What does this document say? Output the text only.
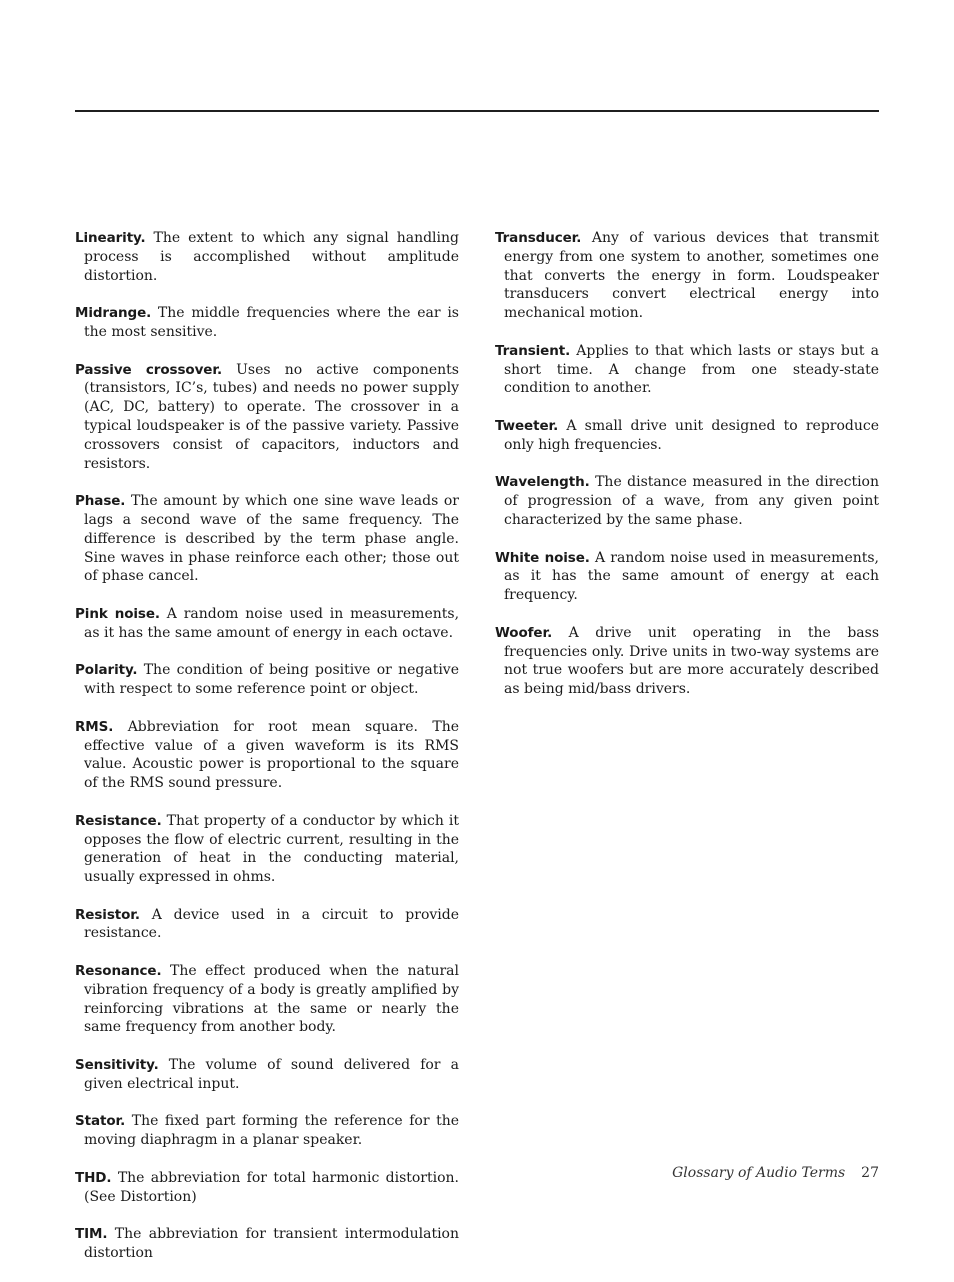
Linearity. The extent to which any signal handling process is accomplished without amplitude distortion.

Midrange. The middle frequencies where the ear is the most sensitive.

Passive crossover. Uses no active components (transistors, IC’s, tubes) and needs no power supply (AC, DC, battery) to operate. The crossover in a typical loudspeaker is of the passive variety. Passive crossovers consist of capacitors, inductors and resistors.

Phase. The amount by which one sine wave leads or lags a second wave of the same frequency. The difference is described by the term phase angle. Sine waves in phase reinforce each other; those out of phase cancel.

Pink noise. A random noise used in measurements, as it has the same amount of energy in each octave.

Polarity. The condition of being positive or negative with respect to some reference point or object.

RMS. Abbreviation for root mean square. The effective value of a given waveform is its RMS value. Acoustic power is proportional to the square of the RMS sound pressure.

Resistance. That property of a conductor by which it opposes the flow of electric current, resulting in the generation of heat in the conducting material, usually expressed in ohms.

Resistor. A device used in a circuit to provide resistance.

Resonance. The effect produced when the natural vibration frequency of a body is greatly amplified by reinforcing vibrations at the same or nearly the same frequency from another body.

Sensitivity. The volume of sound delivered for a given electrical input.

Stator. The fixed part forming the reference for the moving diaphragm in a planar speaker.

THD. The abbreviation for total harmonic distortion. (See Distortion)

TIM. The abbreviation for transient intermodulation distortion

Transducer. Any of various devices that transmit energy from one system to another, sometimes one that converts the energy in form. Loudspeaker transducers convert electrical energy into mechanical motion.

Transient. Applies to that which lasts or stays but a short time. A change from one steady-state condition to another.

Tweeter. A small drive unit designed to reproduce only high frequencies.

Wavelength. The distance measured in the direction of progression of a wave, from any given point characterized by the same phase.

White noise. A random noise used in measurements, as it has the same amount of energy at each frequency.

Woofer. A drive unit operating in the bass frequencies only. Drive units in two-way systems are not true woofers but are more accurately described as being mid/bass drivers.

Glossary of Audio Terms 27
